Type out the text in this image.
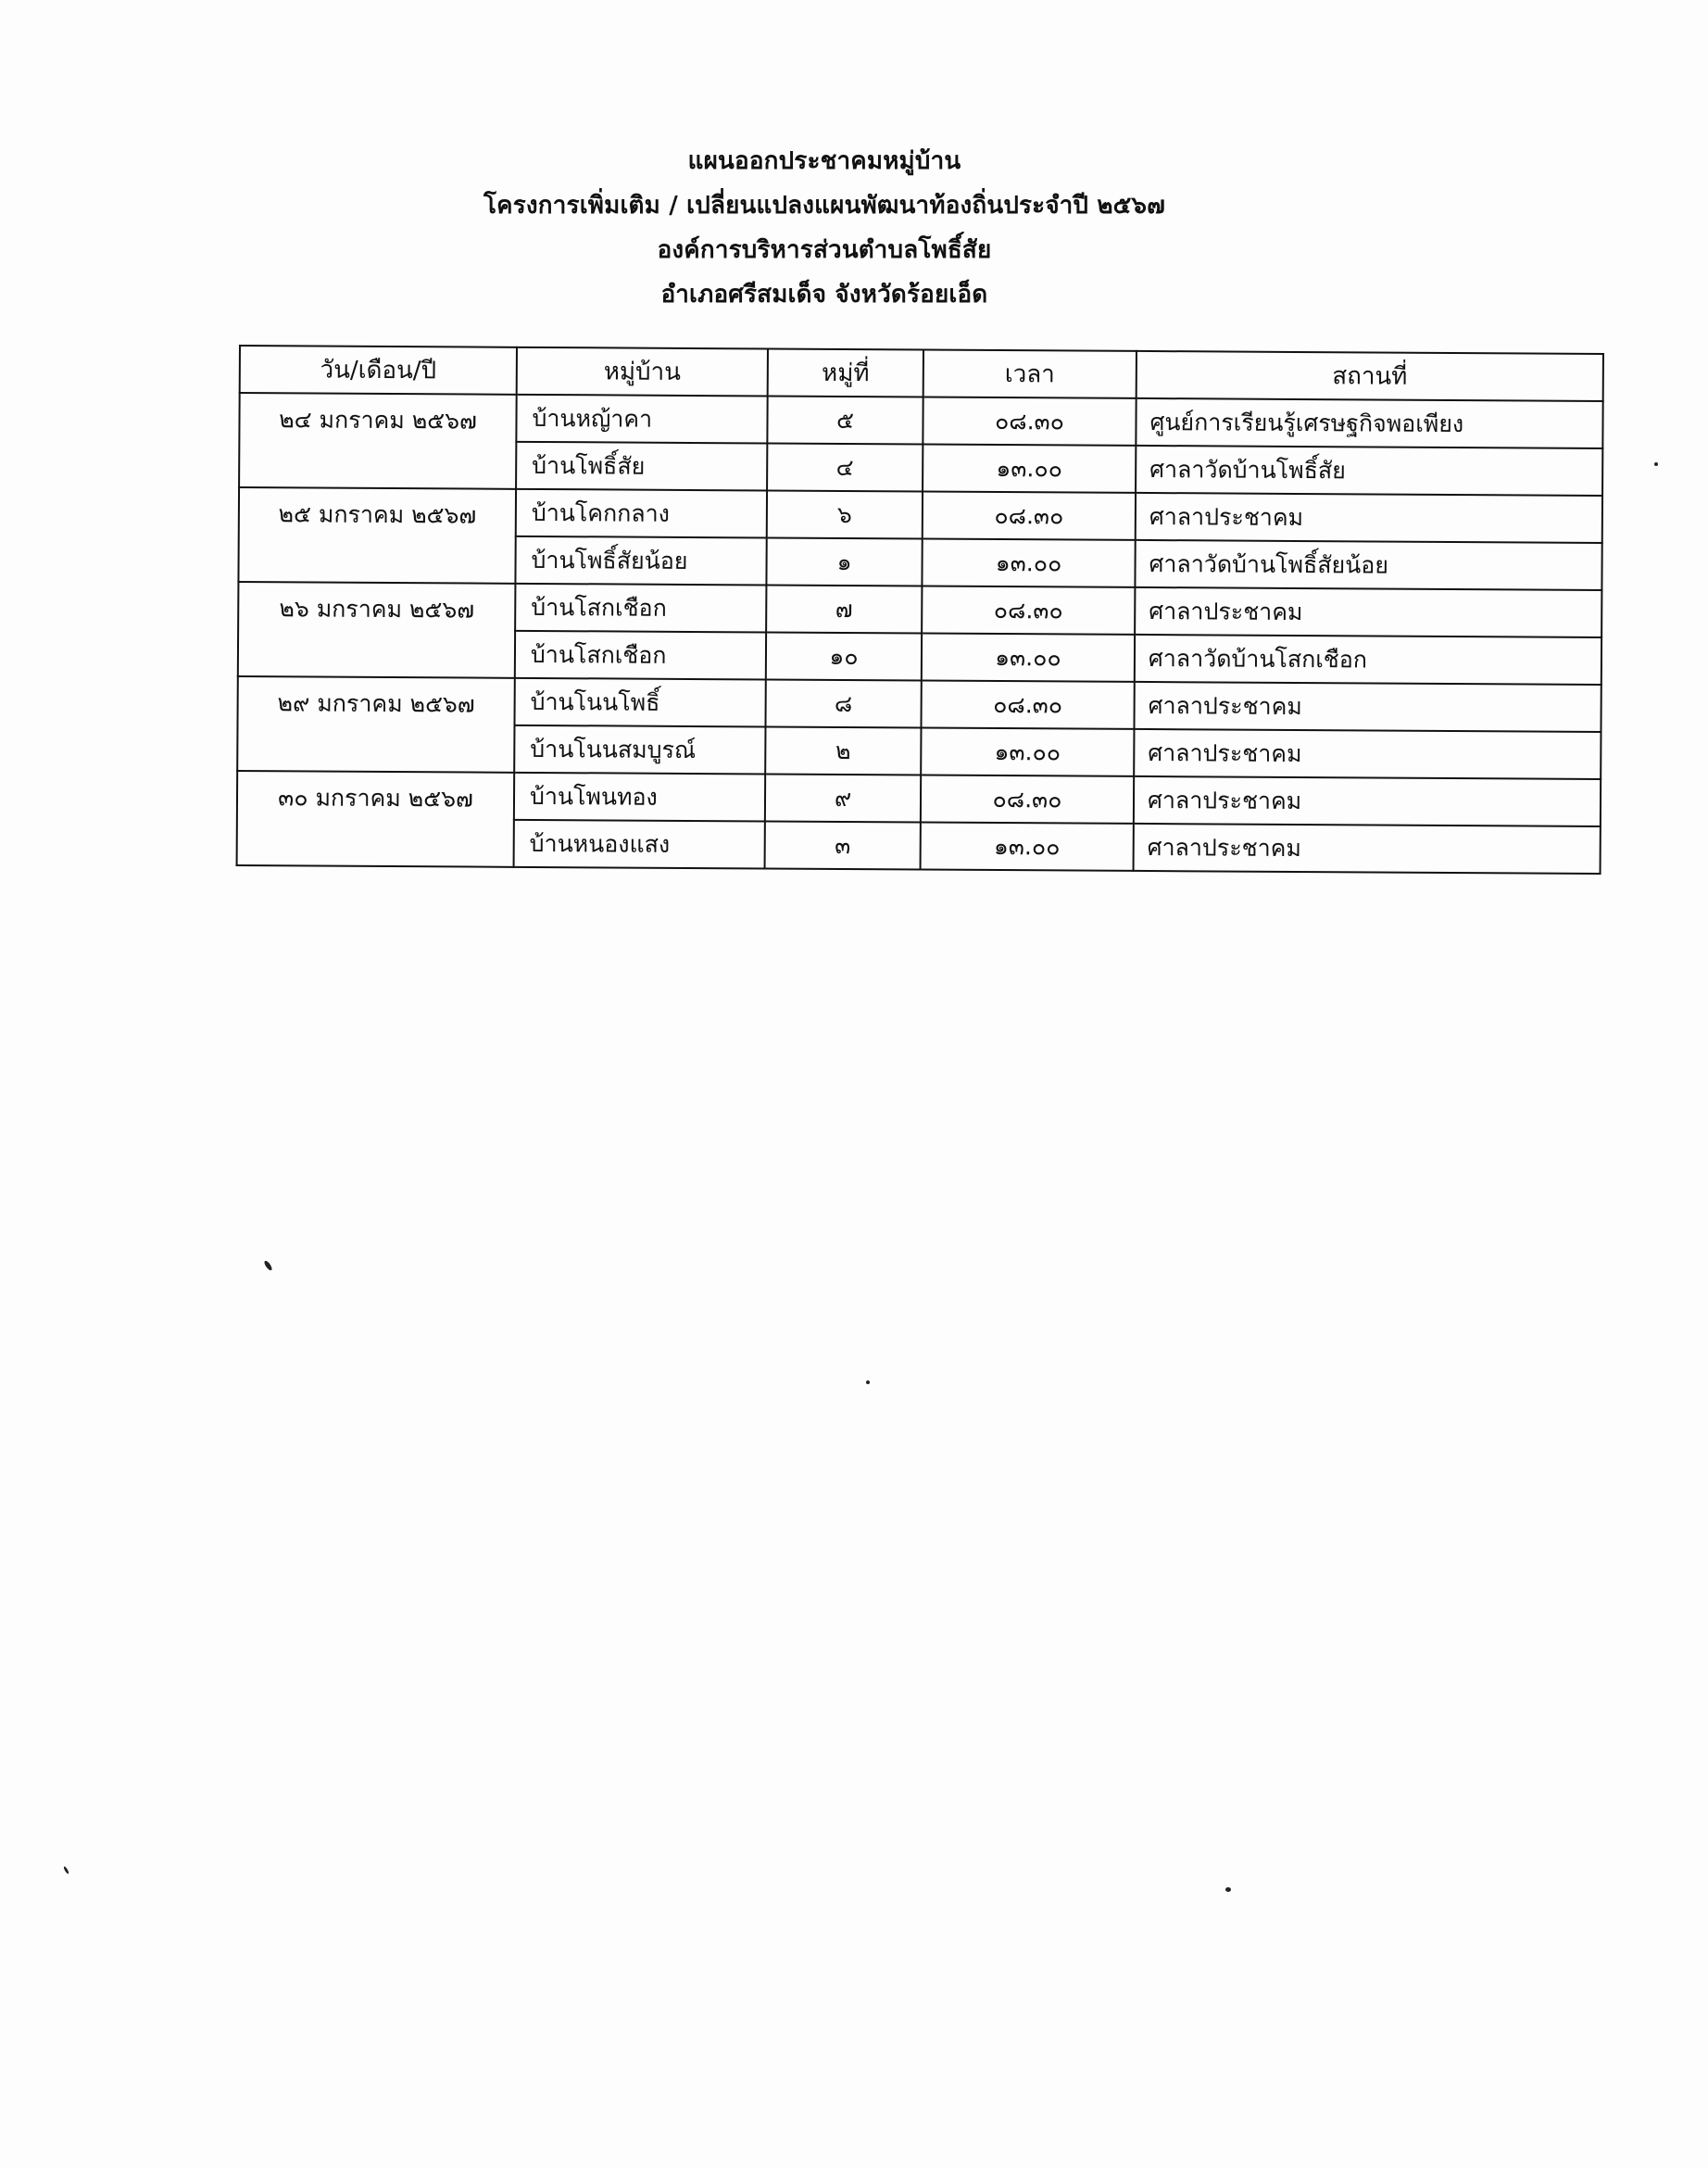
แผนออกประชาคมหมู่บ้าน
โครงการเพิ่มเติม / เปลี่ยนแปลงแผนพัฒนาท้องถิ่นประจำปี ๒๕๖๗
องค์การบริหารส่วนตำบลโพธิ์สัย
อำเภอศรีสมเด็จ จังหวัดร้อยเอ็ด
วัน/เดือน/ปี	หมู่บ้าน	หมู่ที่	เวลา	สถานที่
๒๔ มกราคม ๒๕๖๗	บ้านหญ้าคา	๕	๐๘.๓๐	ศูนย์การเรียนรู้เศรษฐกิจพอเพียง
	บ้านโพธิ์สัย	๔	๑๓.๐๐	ศาลาวัดบ้านโพธิ์สัย
๒๕ มกราคม ๒๕๖๗	บ้านโคกกลาง	๖	๐๘.๓๐	ศาลาประชาคม
	บ้านโพธิ์สัยน้อย	๑	๑๓.๐๐	ศาลาวัดบ้านโพธิ์สัยน้อย
๒๖ มกราคม ๒๕๖๗	บ้านโสกเชือก	๗	๐๘.๓๐	ศาลาประชาคม
	บ้านโสกเชือก	๑๐	๑๓.๐๐	ศาลาวัดบ้านโสกเชือก
๒๙ มกราคม ๒๕๖๗	บ้านโนนโพธิ์	๘	๐๘.๓๐	ศาลาประชาคม
	บ้านโนนสมบูรณ์	๒	๑๓.๐๐	ศาลาประชาคม
๓๐ มกราคม ๒๕๖๗	บ้านโพนทอง	๙	๐๘.๓๐	ศาลาประชาคม
	บ้านหนองแสง	๓	๑๓.๐๐	ศาลาประชาคม
